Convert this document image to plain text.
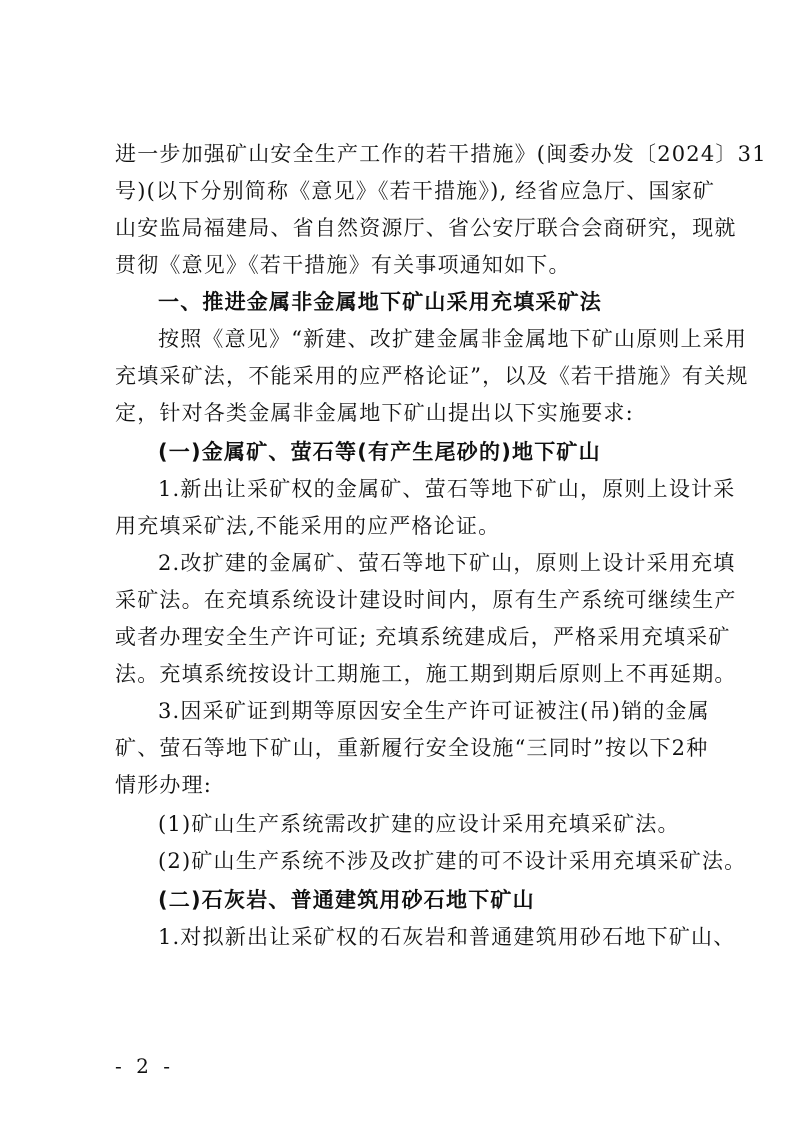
进一步加强矿山安全生产工作的若干措施》(闽委办发〔2024〕31
号)(以下分别简称《意见》《若干措施》), 经省应急厅、国家矿
山安监局福建局、省自然资源厅、省公安厅联合会商研究，现就
贯彻《意见》《若干措施》有关事项通知如下。
一、推进金属非金属地下矿山采用充填采矿法
按照《意见》“新建、改扩建金属非金属地下矿山原则上采用
充填采矿法，不能采用的应严格论证”，以及《若干措施》有关规
定，针对各类金属非金属地下矿山提出以下实施要求:
(一)金属矿、萤石等(有产生尾砂的)地下矿山
1.新出让采矿权的金属矿、萤石等地下矿山，原则上设计采
用充填采矿法,不能采用的应严格论证。
2.改扩建的金属矿、萤石等地下矿山，原则上设计采用充填
采矿法。在充填系统设计建设时间内，原有生产系统可继续生产
或者办理安全生产许可证; 充填系统建成后，严格采用充填采矿
法。充填系统按设计工期施工，施工期到期后原则上不再延期。
3.因采矿证到期等原因安全生产许可证被注(吊)销的金属
矿、萤石等地下矿山，重新履行安全设施“三同时”按以下2种
情形办理:
(1)矿山生产系统需改扩建的应设计采用充填采矿法。
(2)矿山生产系统不涉及改扩建的可不设计采用充填采矿法。
(二)石灰岩、普通建筑用砂石地下矿山
1.对拟新出让采矿权的石灰岩和普通建筑用砂石地下矿山、
- 2 -
